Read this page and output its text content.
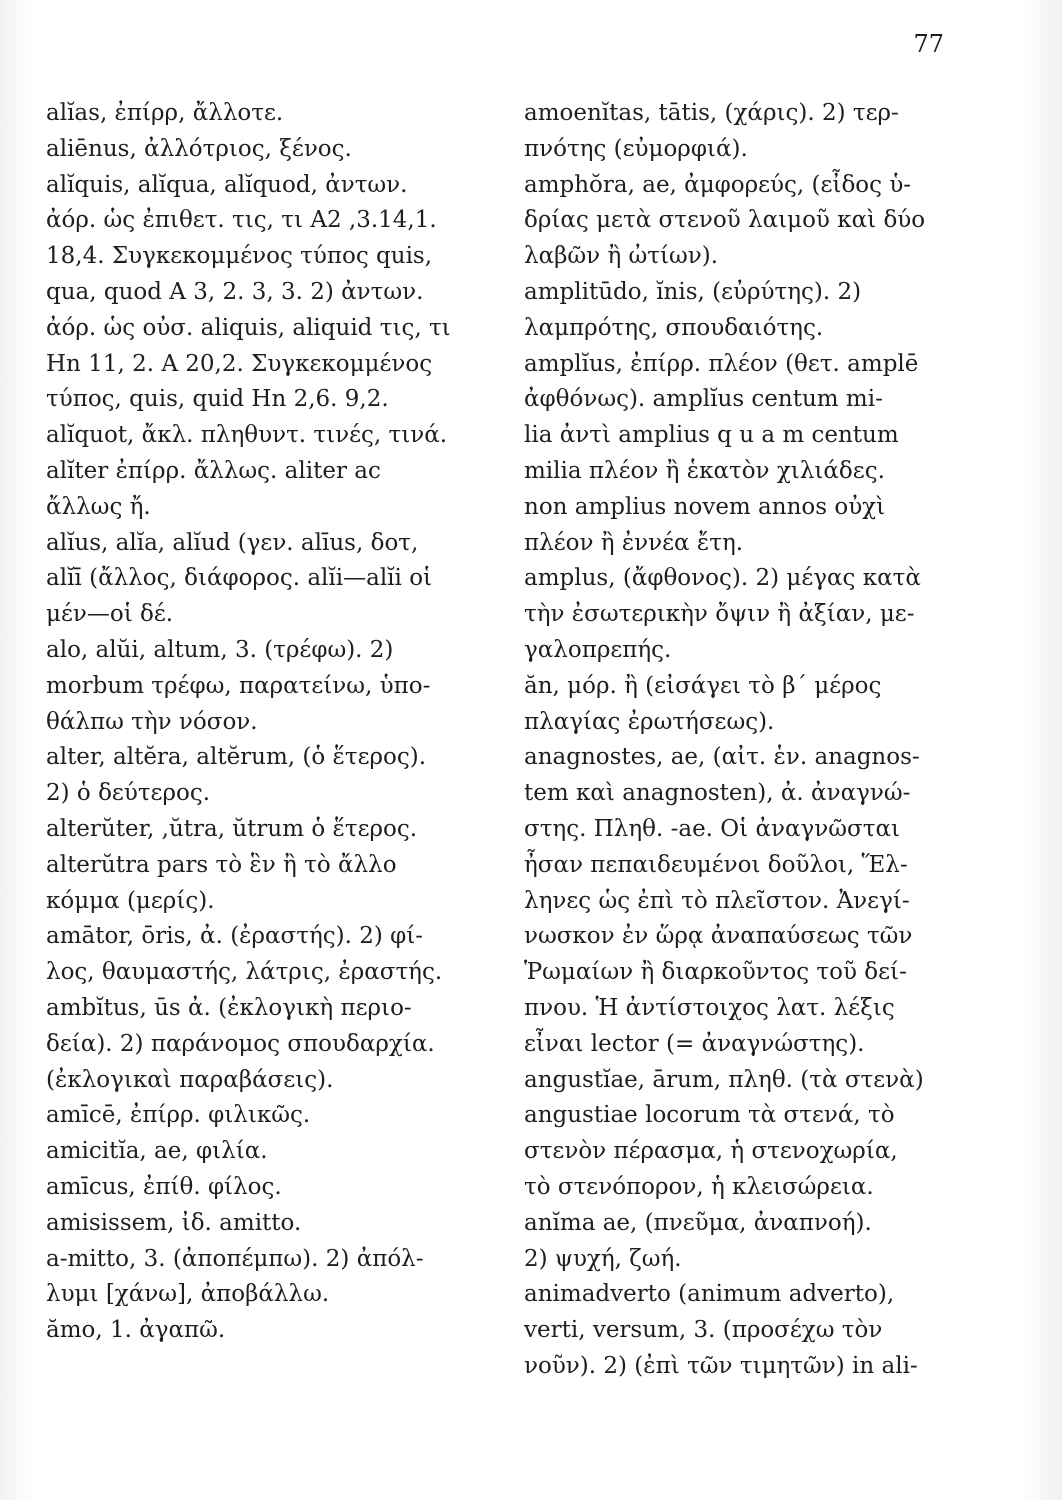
77
alĭas, ἐπίρρ, ἄλλοτε.
aliēnus, ἀλλότριος, ξένος.
alĭquis, alĭqua, alĭquod, ἀντων.
ἀόρ. ὡς ἐπιθετ. τις, τι Α2 ,3.14,1.
18,4. Συγκεκομμένος τύπος quis,
qua, quod A 3, 2. 3, 3. 2) ἀντων.
ἀόρ. ὡς οὐσ. aliquis, aliquid τις, τι
Hn 11, 2. A 20,2. Συγκεκομμένος
τύπος, quis, quid Hn 2,6. 9,2.
alĭquot, ἄκλ. πληθυντ. τινές, τινά.
alĭter ἐπίρρ. ἄλλως. aliter ac
ἄλλως ἤ.
alĭus, alĭa, alĭud (γεν. alīus, δοτ,
alĭī (ἄλλος, διάφορος. alĭi—alĭi οἱ
μέν—οἱ δέ.
alo, alŭi, altum, 3. (τρέφω). 2)
morbum τρέφω, παρατείνω, ὑπο-
θάλπω τὴν νόσον.
alter, altĕra, altĕrum, (ὁ ἕτερος).
2) ὁ δεύτερος.
alterŭter, ,ŭtra, ŭtrum ὁ ἕτερος.
alterŭtra pars τὸ ἓν ἢ τὸ ἄλλο
κόμμα (μερίς).
amātor, ōris, ἀ. (ἐραστής). 2) φί-
λος, θαυμαστής, λάτρις, ἐραστής.
ambĭtus, ūs ἀ. (ἐκλογικὴ περιο-
δεία). 2) παράνομος σπουδαρχία.
(ἐκλογικαὶ παραβάσεις).
amīcē, ἐπίρρ. φιλικῶς.
amicitĭa, ae, φιλία.
amīcus, ἐπίθ. φίλος.
amisissem, ἰδ. amitto.
a-mitto, 3. (ἀποπέμπω). 2) ἀπόλ-
λυμι [χάνω], ἀποβάλλω.
ămo, 1. ἀγαπῶ.
amoenĭtas, tātis, (χάρις). 2) τερ-
πνότης (εὐμορφιά).
amphŏra, ae, ἀμφορεύς, (εἶδος ὑ-
δρίας μετὰ στενοῦ λαιμοῦ καὶ δύο
λαβῶν ἢ ὠτίων).
amplitūdo, ĭnis, (εὐρύτης). 2)
λαμπρότης, σπουδαιότης.
amplĭus, ἐπίρρ. πλέον (θετ. amplē
ἀφθόνως). amplĭus centum mi-
lia ἀντὶ amplius q u a m centum
milia πλέον ἢ ἑκατὸν χιλιάδες.
non amplius novem annos οὐχὶ
πλέον ἢ ἐννέα ἔτη.
amplus, (ἄφθονος). 2) μέγας κατὰ
τὴν ἐσωτερικὴν ὄψιν ἢ ἀξίαν, με-
γαλοπρεπής.
ăn, μόρ. ἢ (εἰσάγει τὸ β΄ μέρος
πλαγίας ἐρωτήσεως).
anagnostes, ae, (αἰτ. ἑν. anagnos-
tem καὶ anagnosten), ἀ. ἀναγνώ-
στης. Πληθ. -ae. Οἱ ἀναγνῶσται
ἦσαν πεπαιδευμένοι δοῦλοι, Ἕλ-
ληνες ὡς ἐπὶ τὸ πλεῖστον. Ἀνεγί-
νωσκον ἐν ὥρᾳ ἀναπαύσεως τῶν
Ῥωμαίων ἢ διαρκοῦντος τοῦ δεί-
πνου. Ἡ ἀντίστοιχος λατ. λέξις
εἶναι lector (= ἀναγνώστης).
angustĭae, ārum, πληθ. (τὰ στενὰ)
angustiae locorum τὰ στενά, τὸ
στενὸν πέρασμα, ἡ στενοχωρία,
τὸ στενόπορον, ἡ κλεισώρεια.
anĭma ae, (πνεῦμα, ἀναπνοή).
2) ψυχή, ζωή.
animadverto (animum adverto),
verti, versum, 3. (προσέχω τὸν
νοῦν). 2) (ἐπὶ τῶν τιμητῶν) in ali-
